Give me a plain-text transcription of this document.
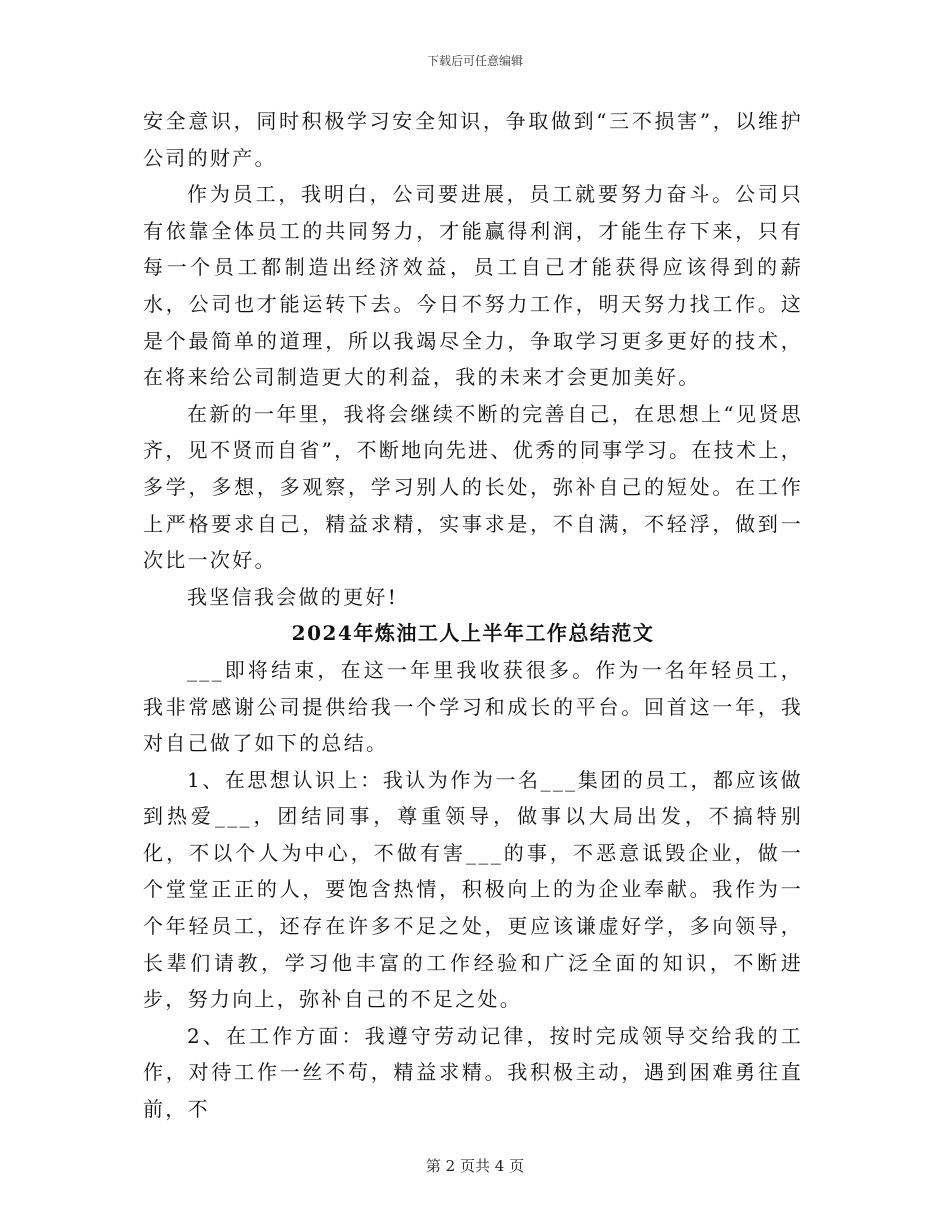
下载后可任意编辑

安全意识，同时积极学习安全知识，争取做到“三不损害”，以维护公司的财产。

作为员工，我明白，公司要进展，员工就要努力奋斗。公司只有依靠全体员工的共同努力，才能赢得利润，才能生存下来，只有每一个员工都制造出经济效益，员工自己才能获得应该得到的薪水，公司也才能运转下去。今日不努力工作，明天努力找工作。这是个最简单的道理，所以我竭尽全力，争取学习更多更好的技术，在将来给公司制造更大的利益，我的未来才会更加美好。

在新的一年里，我将会继续不断的完善自己，在思想上“见贤思齐，见不贤而自省”，不断地向先进、优秀的同事学习。在技术上，多学，多想，多观察，学习别人的长处，弥补自己的短处。在工作上严格要求自己，精益求精，实事求是，不自满，不轻浮，做到一次比一次好。

我坚信我会做的更好!

2024年炼油工人上半年工作总结范文

___即将结束，在这一年里我收获很多。作为一名年轻员工，我非常感谢公司提供给我一个学习和成长的平台。回首这一年，我对自己做了如下的总结。

1、在思想认识上：我认为作为一名___集团的员工，都应该做到热爱___，团结同事，尊重领导，做事以大局出发，不搞特别化，不以个人为中心，不做有害___的事，不恶意诋毁企业，做一个堂堂正正的人，要饱含热情，积极向上的为企业奉献。我作为一个年轻员工，还存在许多不足之处，更应该谦虚好学，多向领导，长辈们请教，学习他丰富的工作经验和广泛全面的知识，不断进步，努力向上，弥补自己的不足之处。

2、在工作方面：我遵守劳动记律，按时完成领导交给我的工作，对待工作一丝不苟，精益求精。我积极主动，遇到困难勇往直前，不

第 2 页共 4 页
